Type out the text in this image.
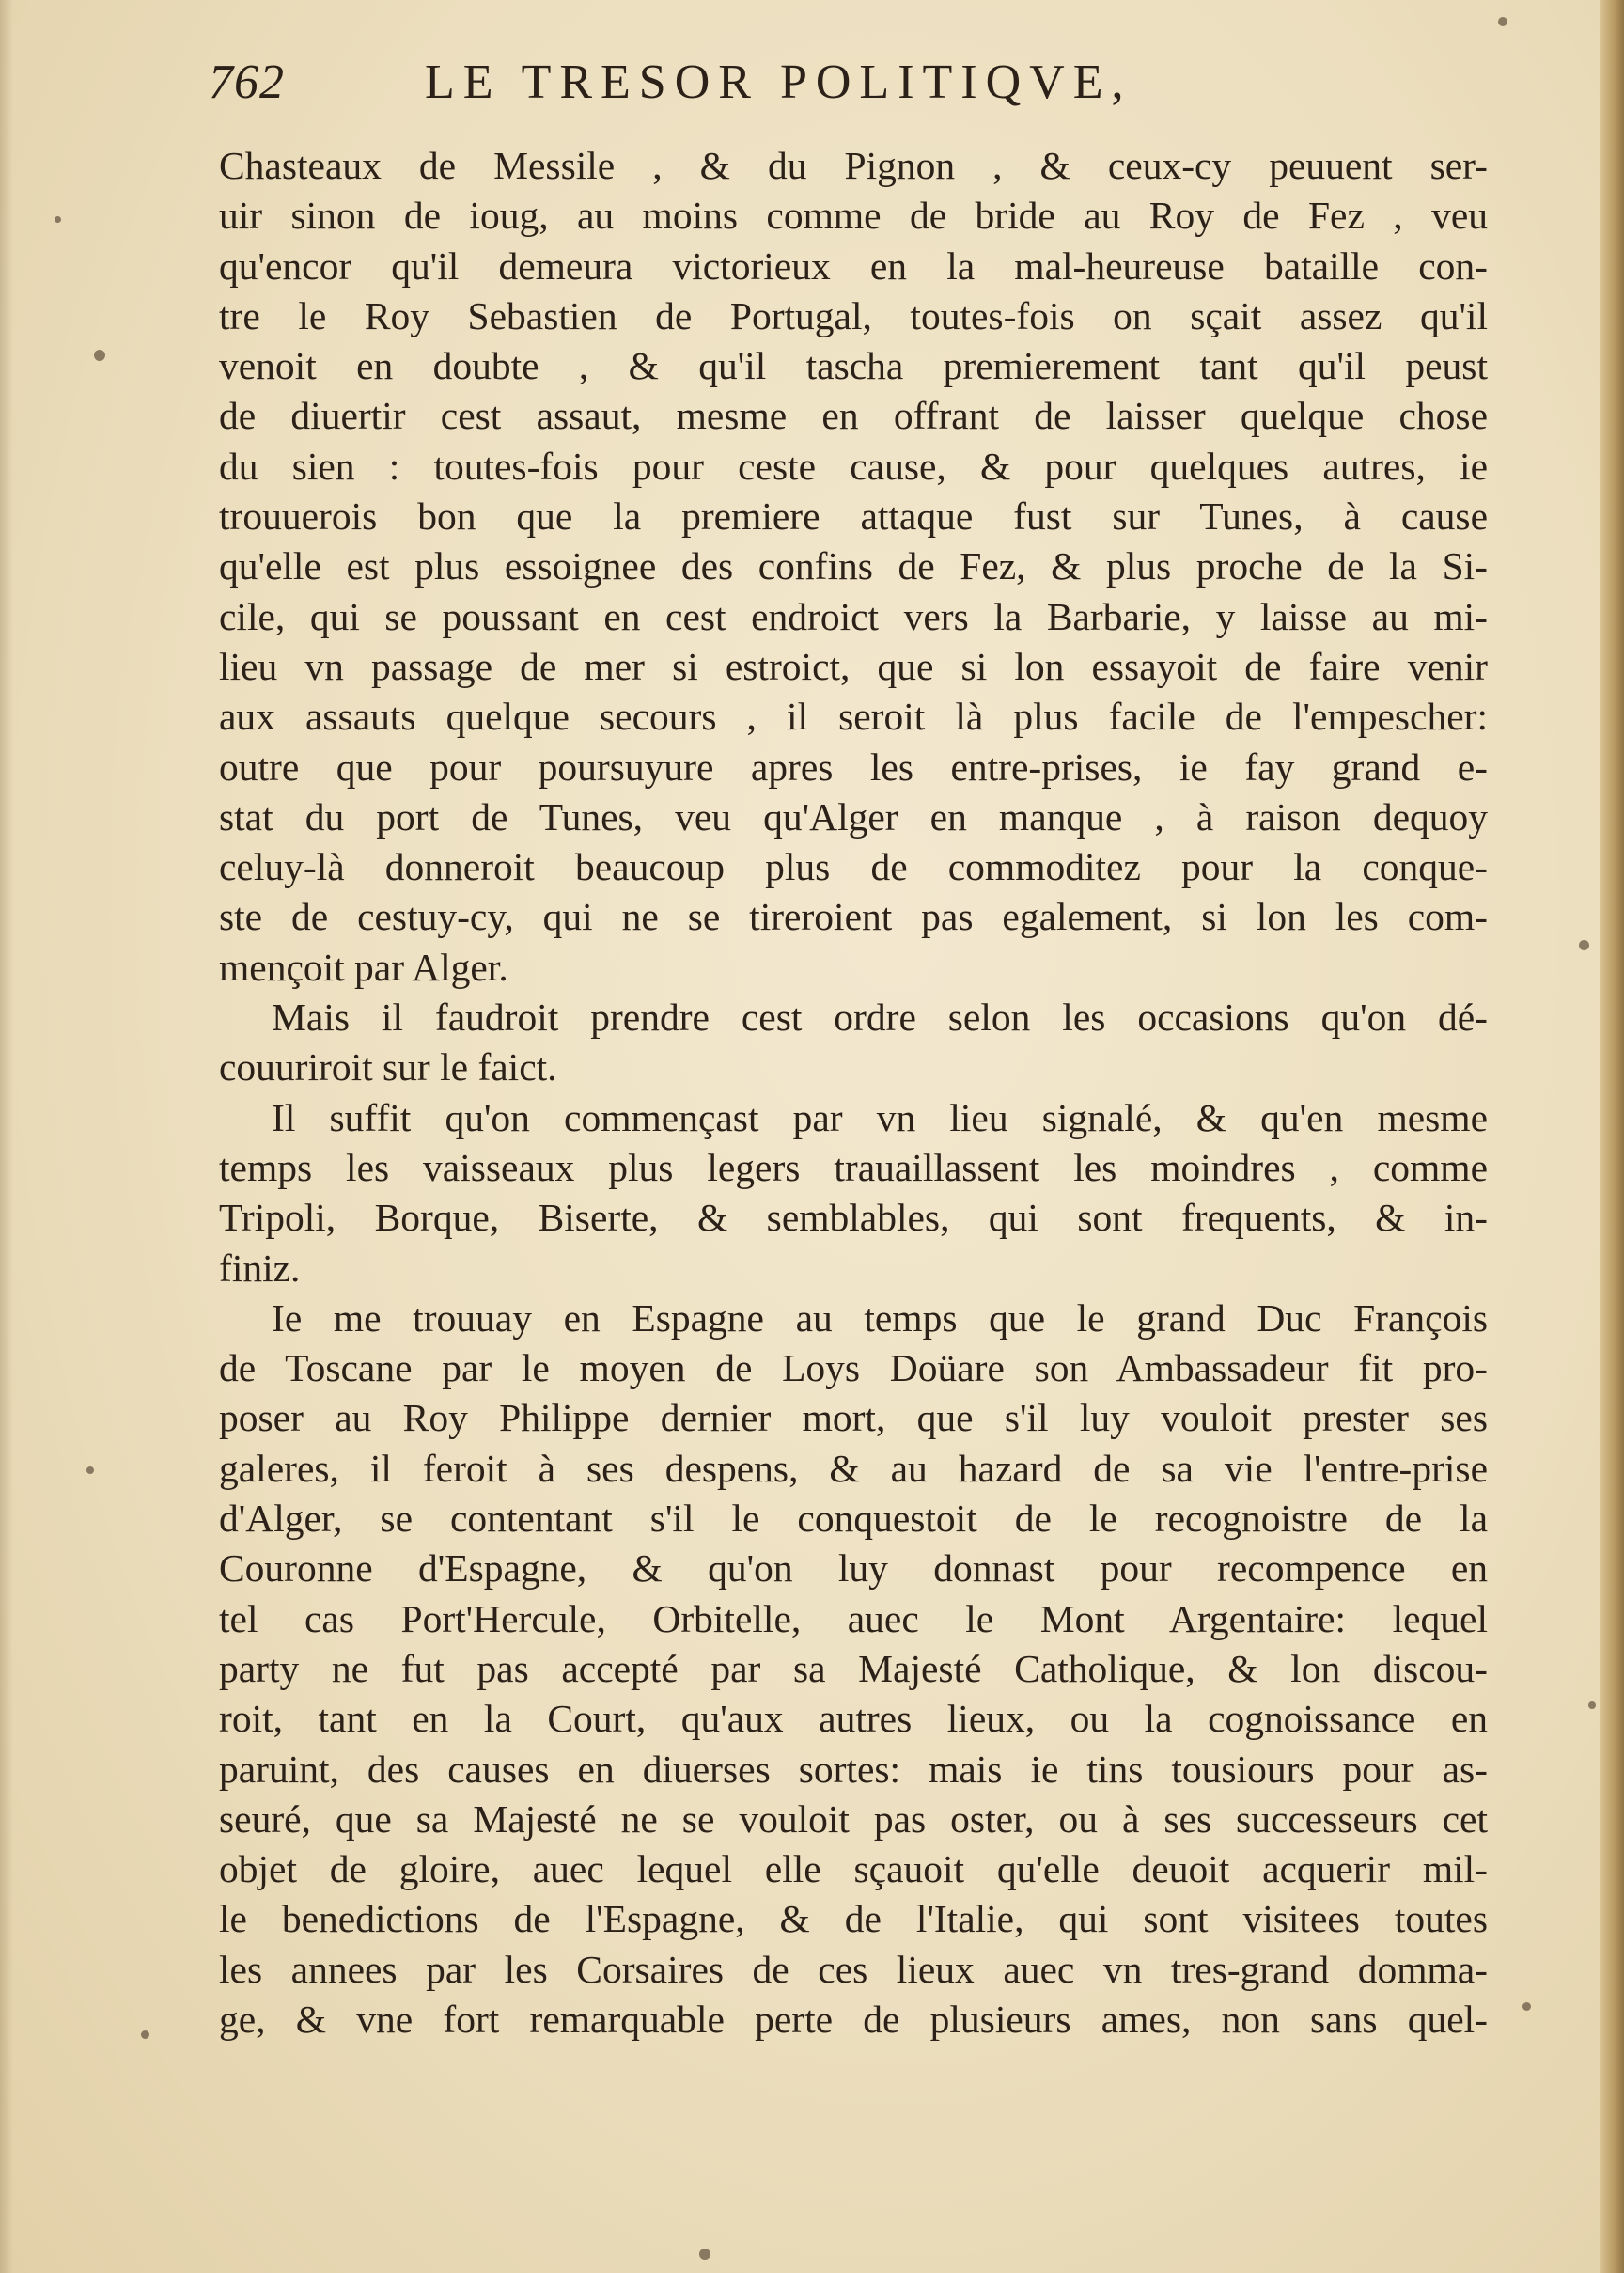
762	LE TRESOR POLITIQVE,
Chasteaux de Messile , & du Pignon , & ceux-cy peuuent ser-
uir sinon de ioug, au moins comme de bride au Roy de Fez , veu
qu'encor qu'il demeura victorieux en la mal-heureuse bataille con-
tre le Roy Sebastien de Portugal, toutes-fois on sçait assez qu'il
venoit en doubte , & qu'il tascha premierement tant qu'il peust
de diuertir cest assaut, mesme en offrant de laisser quelque chose
du sien : toutes-fois pour ceste cause, & pour quelques autres, ie
trouuerois bon que la premiere attaque fust sur Tunes, à cause
qu'elle est plus essoignee des confins de Fez, & plus proche de la Si-
cile, qui se poussant en cest endroict vers la Barbarie, y laisse au mi-
lieu vn passage de mer si estroict, que si lon essayoit de faire venir
aux assauts quelque secours , il seroit là plus facile de l'empescher:
outre que pour poursuyure apres les entre-prises, ie fay grand e-
stat du port de Tunes, veu qu'Alger en manque , à raison dequoy
celuy-là donneroit beaucoup plus de commoditez pour la conque-
ste de cestuy-cy, qui ne se tireroient pas egalement, si lon les com-
mençoit par Alger.
Mais il faudroit prendre cest ordre selon les occasions qu'on dé-
couuriroit sur le faict.
Il suffit qu'on commençast par vn lieu signalé, & qu'en mesme
temps les vaisseaux plus legers trauaillassent les moindres , comme
Tripoli, Borque, Biserte, & semblables, qui sont frequents, & in-
finiz.
Ie me trouuay en Espagne au temps que le grand Duc François
de Toscane par le moyen de Loys Doüare son Ambassadeur fit pro-
poser au Roy Philippe dernier mort, que s'il luy vouloit prester ses
galeres, il feroit à ses despens, & au hazard de sa vie l'entre-prise
d'Alger, se contentant s'il le conquestoit de le recognoistre de la
Couronne d'Espagne, & qu'on luy donnast pour recompence en
tel cas Port'Hercule, Orbitelle, auec le Mont Argentaire: lequel
party ne fut pas accepté par sa Majesté Catholique, & lon discou-
roit, tant en la Court, qu'aux autres lieux, ou la cognoissance en
paruint, des causes en diuerses sortes: mais ie tins tousiours pour as-
seuré, que sa Majesté ne se vouloit pas oster, ou à ses successeurs cet
objet de gloire, auec lequel elle sçauoit qu'elle deuoit acquerir mil-
le benedictions de l'Espagne, & de l'Italie, qui sont visitees toutes
les annees par les Corsaires de ces lieux auec vn tres-grand domma-
ge, & vne fort remarquable perte de plusieurs ames, non sans quel-
